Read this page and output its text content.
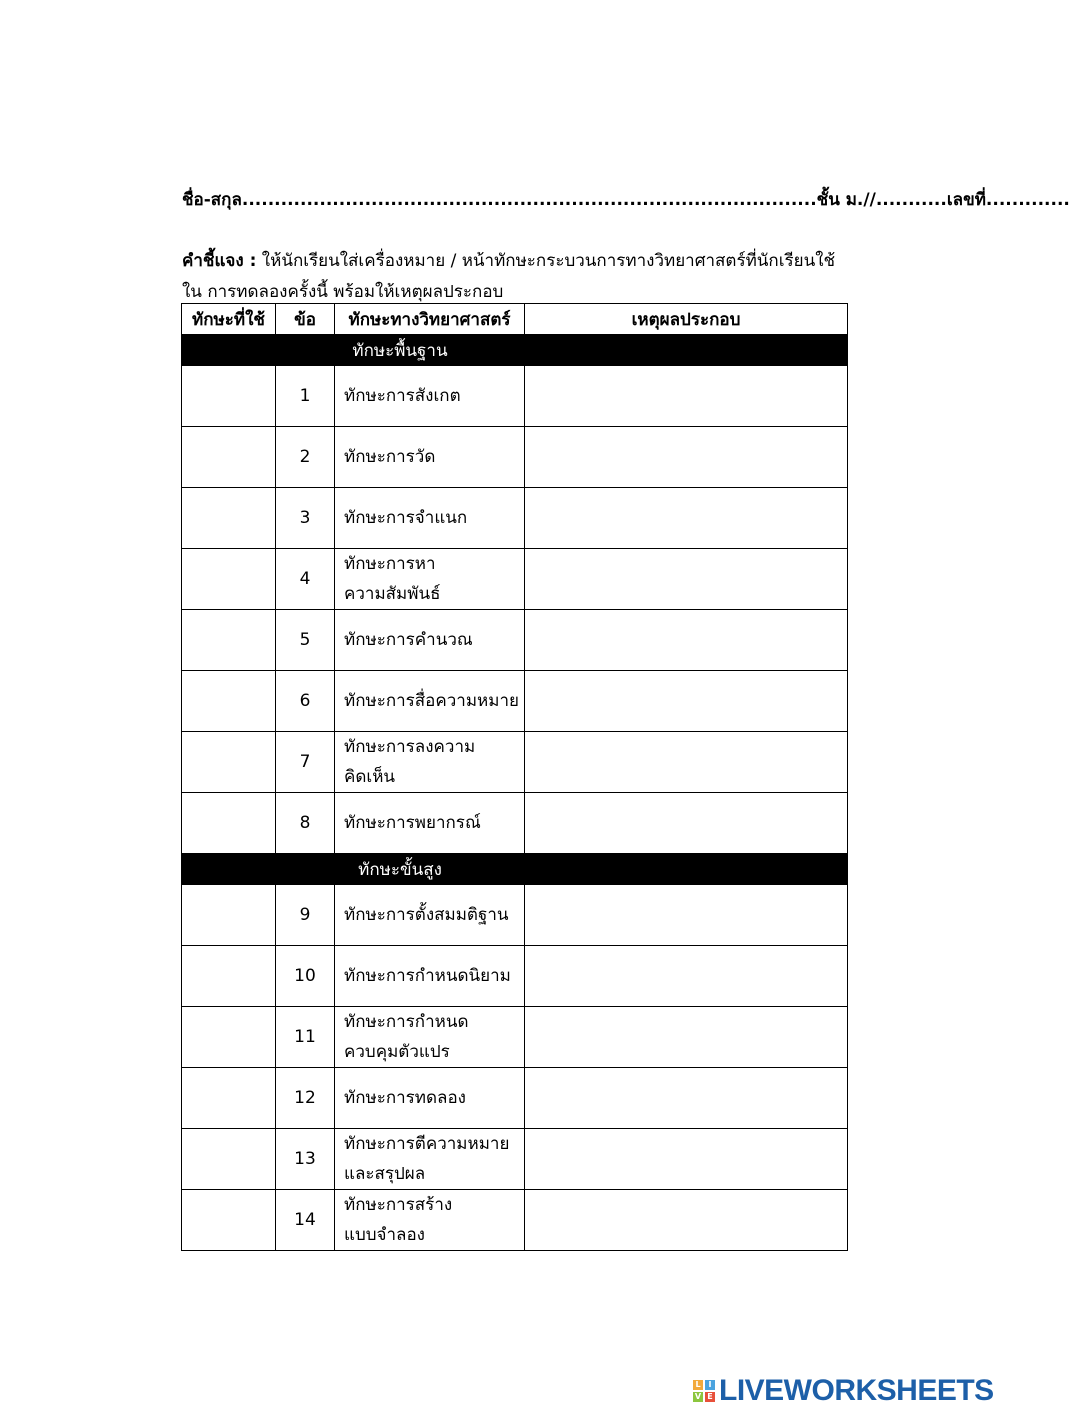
ชื่อ-สกุล.........................................................................................ชั้น ม.//...........เลขที่.............
คำชี้แจง : ให้นักเรียนใส่เครื่องหมาย / หน้าทักษะกระบวนการทางวิทยาศาสตร์ที่นักเรียนใช้ใน การทดลองครั้งนี้ พร้อมให้เหตุผลประกอบ
ทักษะที่ใช้	ข้อ	ทักษะทางวิทยาศาสตร์	เหตุผลประกอบ

	ทักษะพื้นฐาน		

	1	ทักษะการสังเกต	

	2	ทักษะการวัด	

	3	ทักษะการจำแนก	

	4	ทักษะการหา
ความสัมพันธ์	

	5	ทักษะการคำนวณ	

	6	ทักษะการสื่อความหมาย	

	7	ทักษะการลงความ
คิดเห็น	

	8	ทักษะการพยากรณ์	

	ทักษะขั้นสูง		

	9	ทักษะการตั้งสมมติฐาน	

	10	ทักษะการกำหนดนิยาม	

	11	ทักษะการกำหนด
ควบคุมตัวแปร	

	12	ทักษะการทดลอง	

	13	ทักษะการตีความหมาย
และสรุปผล	

	14	ทักษะการสร้าง
แบบจำลอง	

L I
V E LIVEWORKSHEETS
